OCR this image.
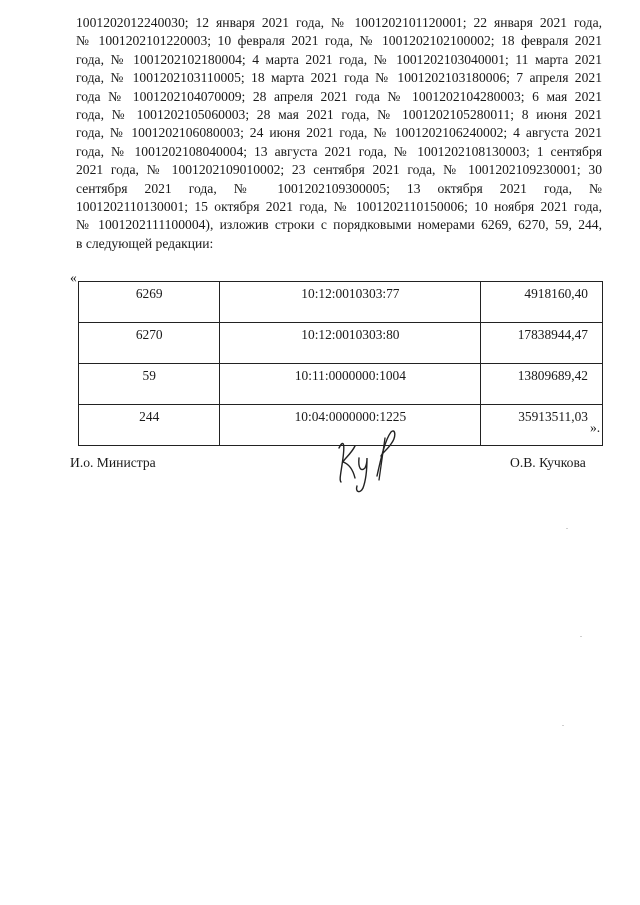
1001202012240030; 12 января 2021 года, № 1001202101120001; 22 января 2021 года,
№ 1001202101220003; 10 февраля 2021 года, № 1001202102100002; 18 февраля 2021
года, № 1001202102180004; 4 марта 2021 года, № 1001202103040001; 11 марта 2021
года, № 1001202103110005; 18 марта 2021 года № 1001202103180006; 7 апреля 2021
года № 1001202104070009; 28 апреля 2021 года № 1001202104280003; 6 мая 2021
года, № 1001202105060003; 28 мая 2021 года, № 1001202105280011; 8 июня 2021
года, № 1001202106080003; 24 июня 2021 года, № 1001202106240002; 4 августа 2021
года, № 1001202108040004; 13 августа 2021 года, № 1001202108130003; 1 сентября
2021 года, № 1001202109010002; 23 сентября 2021 года, № 1001202109230001; 30
сентября 2021 года, № 1001202109300005; 13 октября 2021 года, №
1001202110130001; 15 октября 2021 года, № 1001202110150006; 10 ноября 2021 года,
№ 1001202111100004), изложив строки с порядковыми номерами 6269, 6270, 59, 244,
в следующей редакции:
«
6269	10:12:0010303:77	4918160,40
6270	10:12:0010303:80	17838944,47
59	10:11:0000000:1004	13809689,42
244	10:04:0000000:1225	35913511,03
».
И.о. Министра	О.В. Кучкова
